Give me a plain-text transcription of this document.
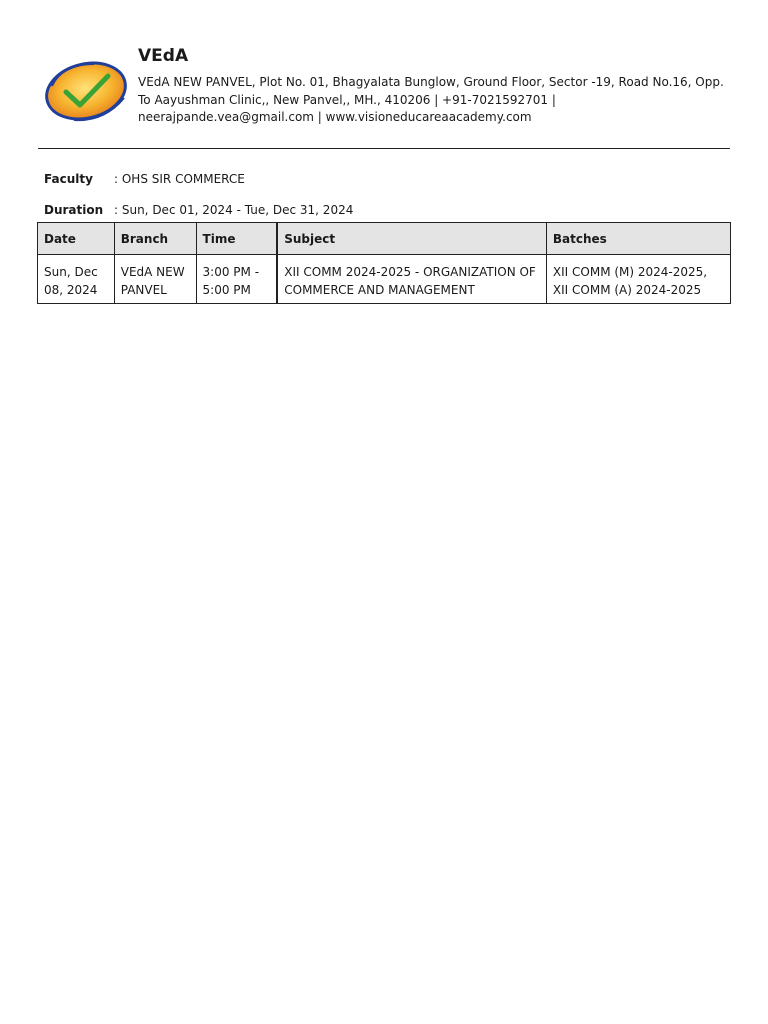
VEdA

VEdA NEW PANVEL, Plot No. 01, Bhagyalata Bunglow, Ground Floor, Sector -19, Road No.16, Opp. To Aayushman Clinic,, New Panvel,, MH., 410206 | +91-7021592701 | neerajpande.vea@gmail.com | www.visioneducareaacademy.com

Faculty : OHS SIR COMMERCE
Duration : Sun, Dec 01, 2024 - Tue, Dec 31, 2024
Date	Branch	Time	Subject	Batches
Sun, Dec 08, 2024	VEdA NEW PANVEL	3:00 PM - 5:00 PM	XII COMM 2024-2025 - ORGANIZATION OF COMMERCE AND MANAGEMENT	XII COMM (M) 2024-2025, XII COMM (A) 2024-2025
